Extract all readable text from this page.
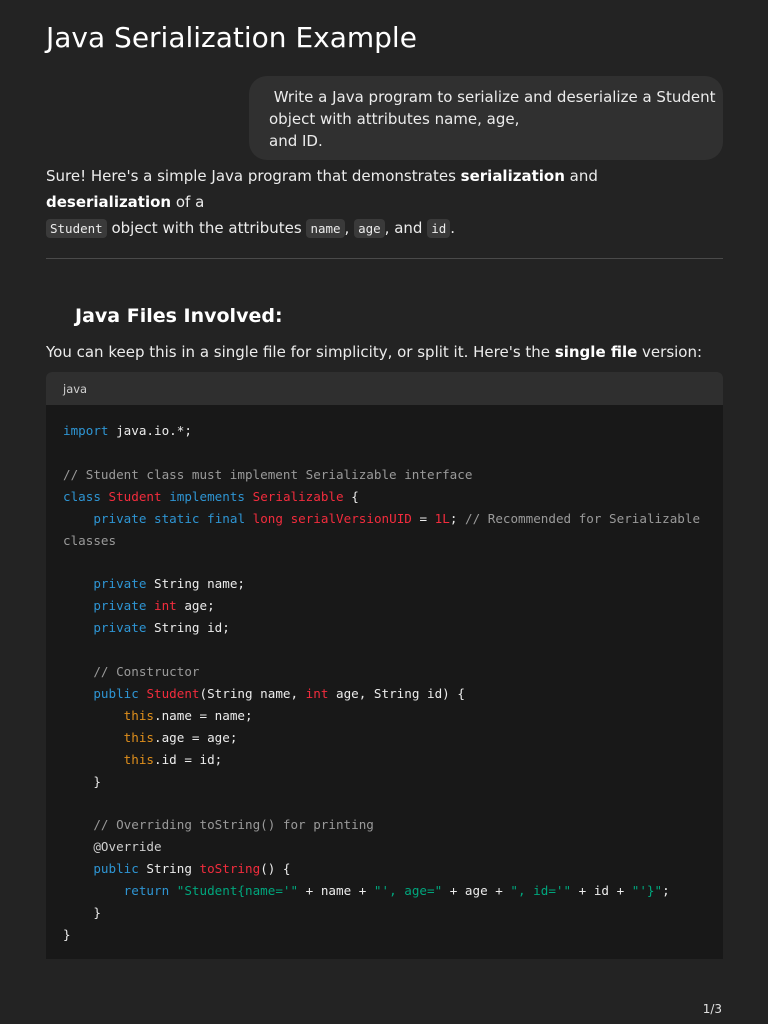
Java Serialization Example
Write a Java program to serialize and deserialize a Student
object with attributes name, age,
and ID.

Sure! Here's a simple Java program that demonstrates serialization and deserialization of a
Student object with the attributes name , age , and id .

Java Files Involved:

You can keep this in a single file for simplicity, or split it. Here's the single file version:

java
import java.io.*;

// Student class must implement Serializable interface
class Student implements Serializable {
private static final long serialVersionUID = 1L; // Recommended for Serializable
classes

private String name;
private int age;
private String id;

// Constructor
public Student(String name, int age, String id) {
this.name = name;
this.age = age;
this.id = id;
}

// Overriding toString() for printing
@Override
public String toString() {
return "Student{name='" + name + "', age=" + age + ", id='" + id + "'}";
}
}

1/3
